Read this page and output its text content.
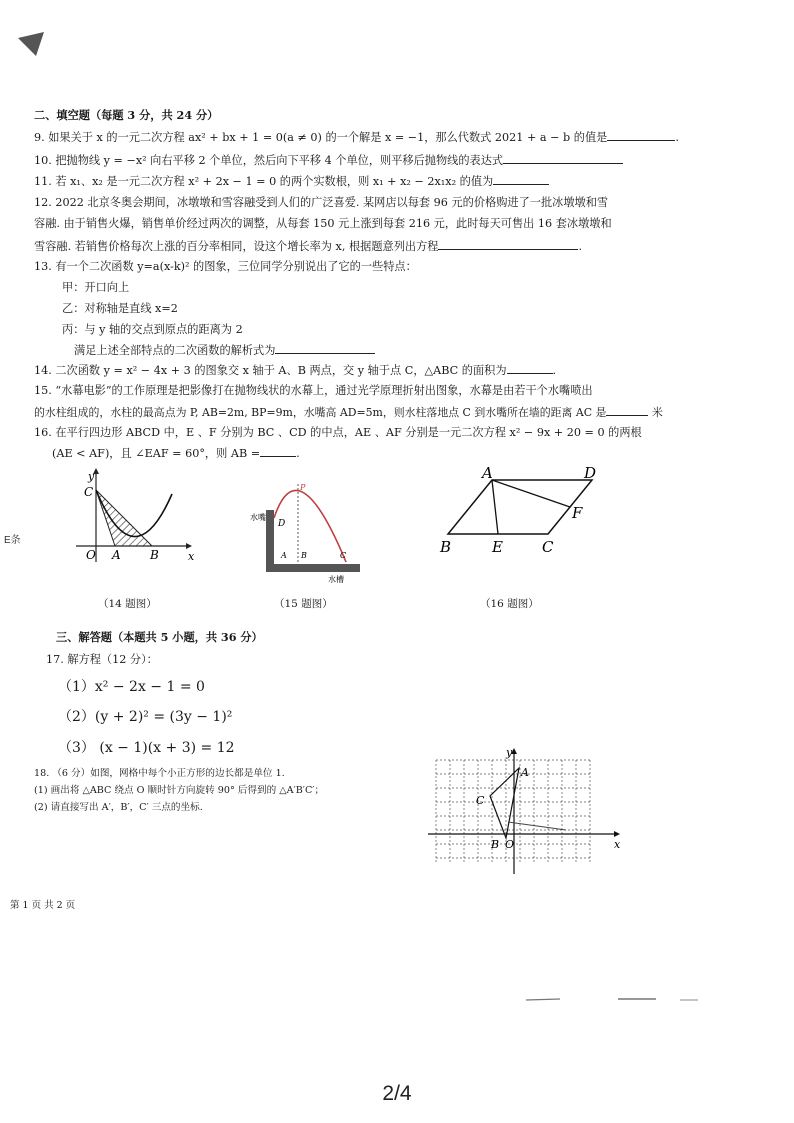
二、填空题（每题 3 分，共 24 分）
9. 如果关于 x 的一元二次方程 ax² + bx + 1 = 0(a ≠ 0) 的一个解是 x = −1，那么代数式 2021 + a − b 的值是	.
10. 把抛物线 y = −x² 向右平移 2 个单位，然后向下平移 4 个单位，则平移后抛物线的表达式
11. 若 x₁、x₂ 是一元二次方程 x² + 2x − 1 = 0 的两个实数根，则 x₁ + x₂ − 2x₁x₂ 的值为
12. 2022 北京冬奥会期间，冰墩墩和雪容融受到人们的广泛喜爱. 某网店以每套 96 元的价格购进了一批冰墩墩和雪
容融. 由于销售火爆，销售单价经过两次的调整，从每套 150 元上涨到每套 216 元，此时每天可售出 16 套冰墩墩和
雪容融. 若销售价格每次上涨的百分率相同，设这个增长率为 x, 根据题意列出方程	.
13. 有一个二次函数 y=a(x-k)² 的图象，三位同学分别说出了它的一些特点：
甲：开口向上
乙：对称轴是直线 x=2
丙：与 y 轴的交点到原点的距离为 2
满足上述全部特点的二次函数的解析式为
14. 二次函数 y = x² − 4x + 3 的图象交 x 轴于 A、B 两点，交 y 轴于点 C，△ABC 的面积为	.
15. “水幕电影”的工作原理是把影像打在抛物线状的水幕上，通过光学原理折射出图象，水幕是由若干个水嘴喷出
的水柱组成的，水柱的最高点为 P, AB=2m, BP=9m，水嘴高 AD=5m，则水柱落地点 C 到水嘴所在墙的距离 AC 是	米
16. 在平行四边形 ABCD 中，E 、F 分别为 BC 、CD 的中点，AE 、AF 分别是一元二次方程 x² − 9x + 20 = 0 的两根
(AE < AF)，且 ∠EAF = 60°，则 AB =	.
y
x
C
O A B
（14 题图）
P
D
A B	C
水嘴
水槽
（15 题图）
A	D
F
B	E	C
（16 题图）
三、解答题（本题共 5 小题，共 36 分）
17. 解方程（12 分）：
（1）x² − 2x − 1 = 0
（2）(y + 2)² = (3y − 1)²
（3） (x − 1)(x + 3) = 12
18. （6 分）如图，网格中每个小正方形的边长都是单位 1.
(1) 画出将 △ABC 绕点 O 顺时针方向旋转 90° 后得到的 △A′B′C′；
(2) 请直接写出 A′，B′，C′ 三点的坐标.
y
x
A
C
B O
第 1 页 共 2 页
E条
2/4
